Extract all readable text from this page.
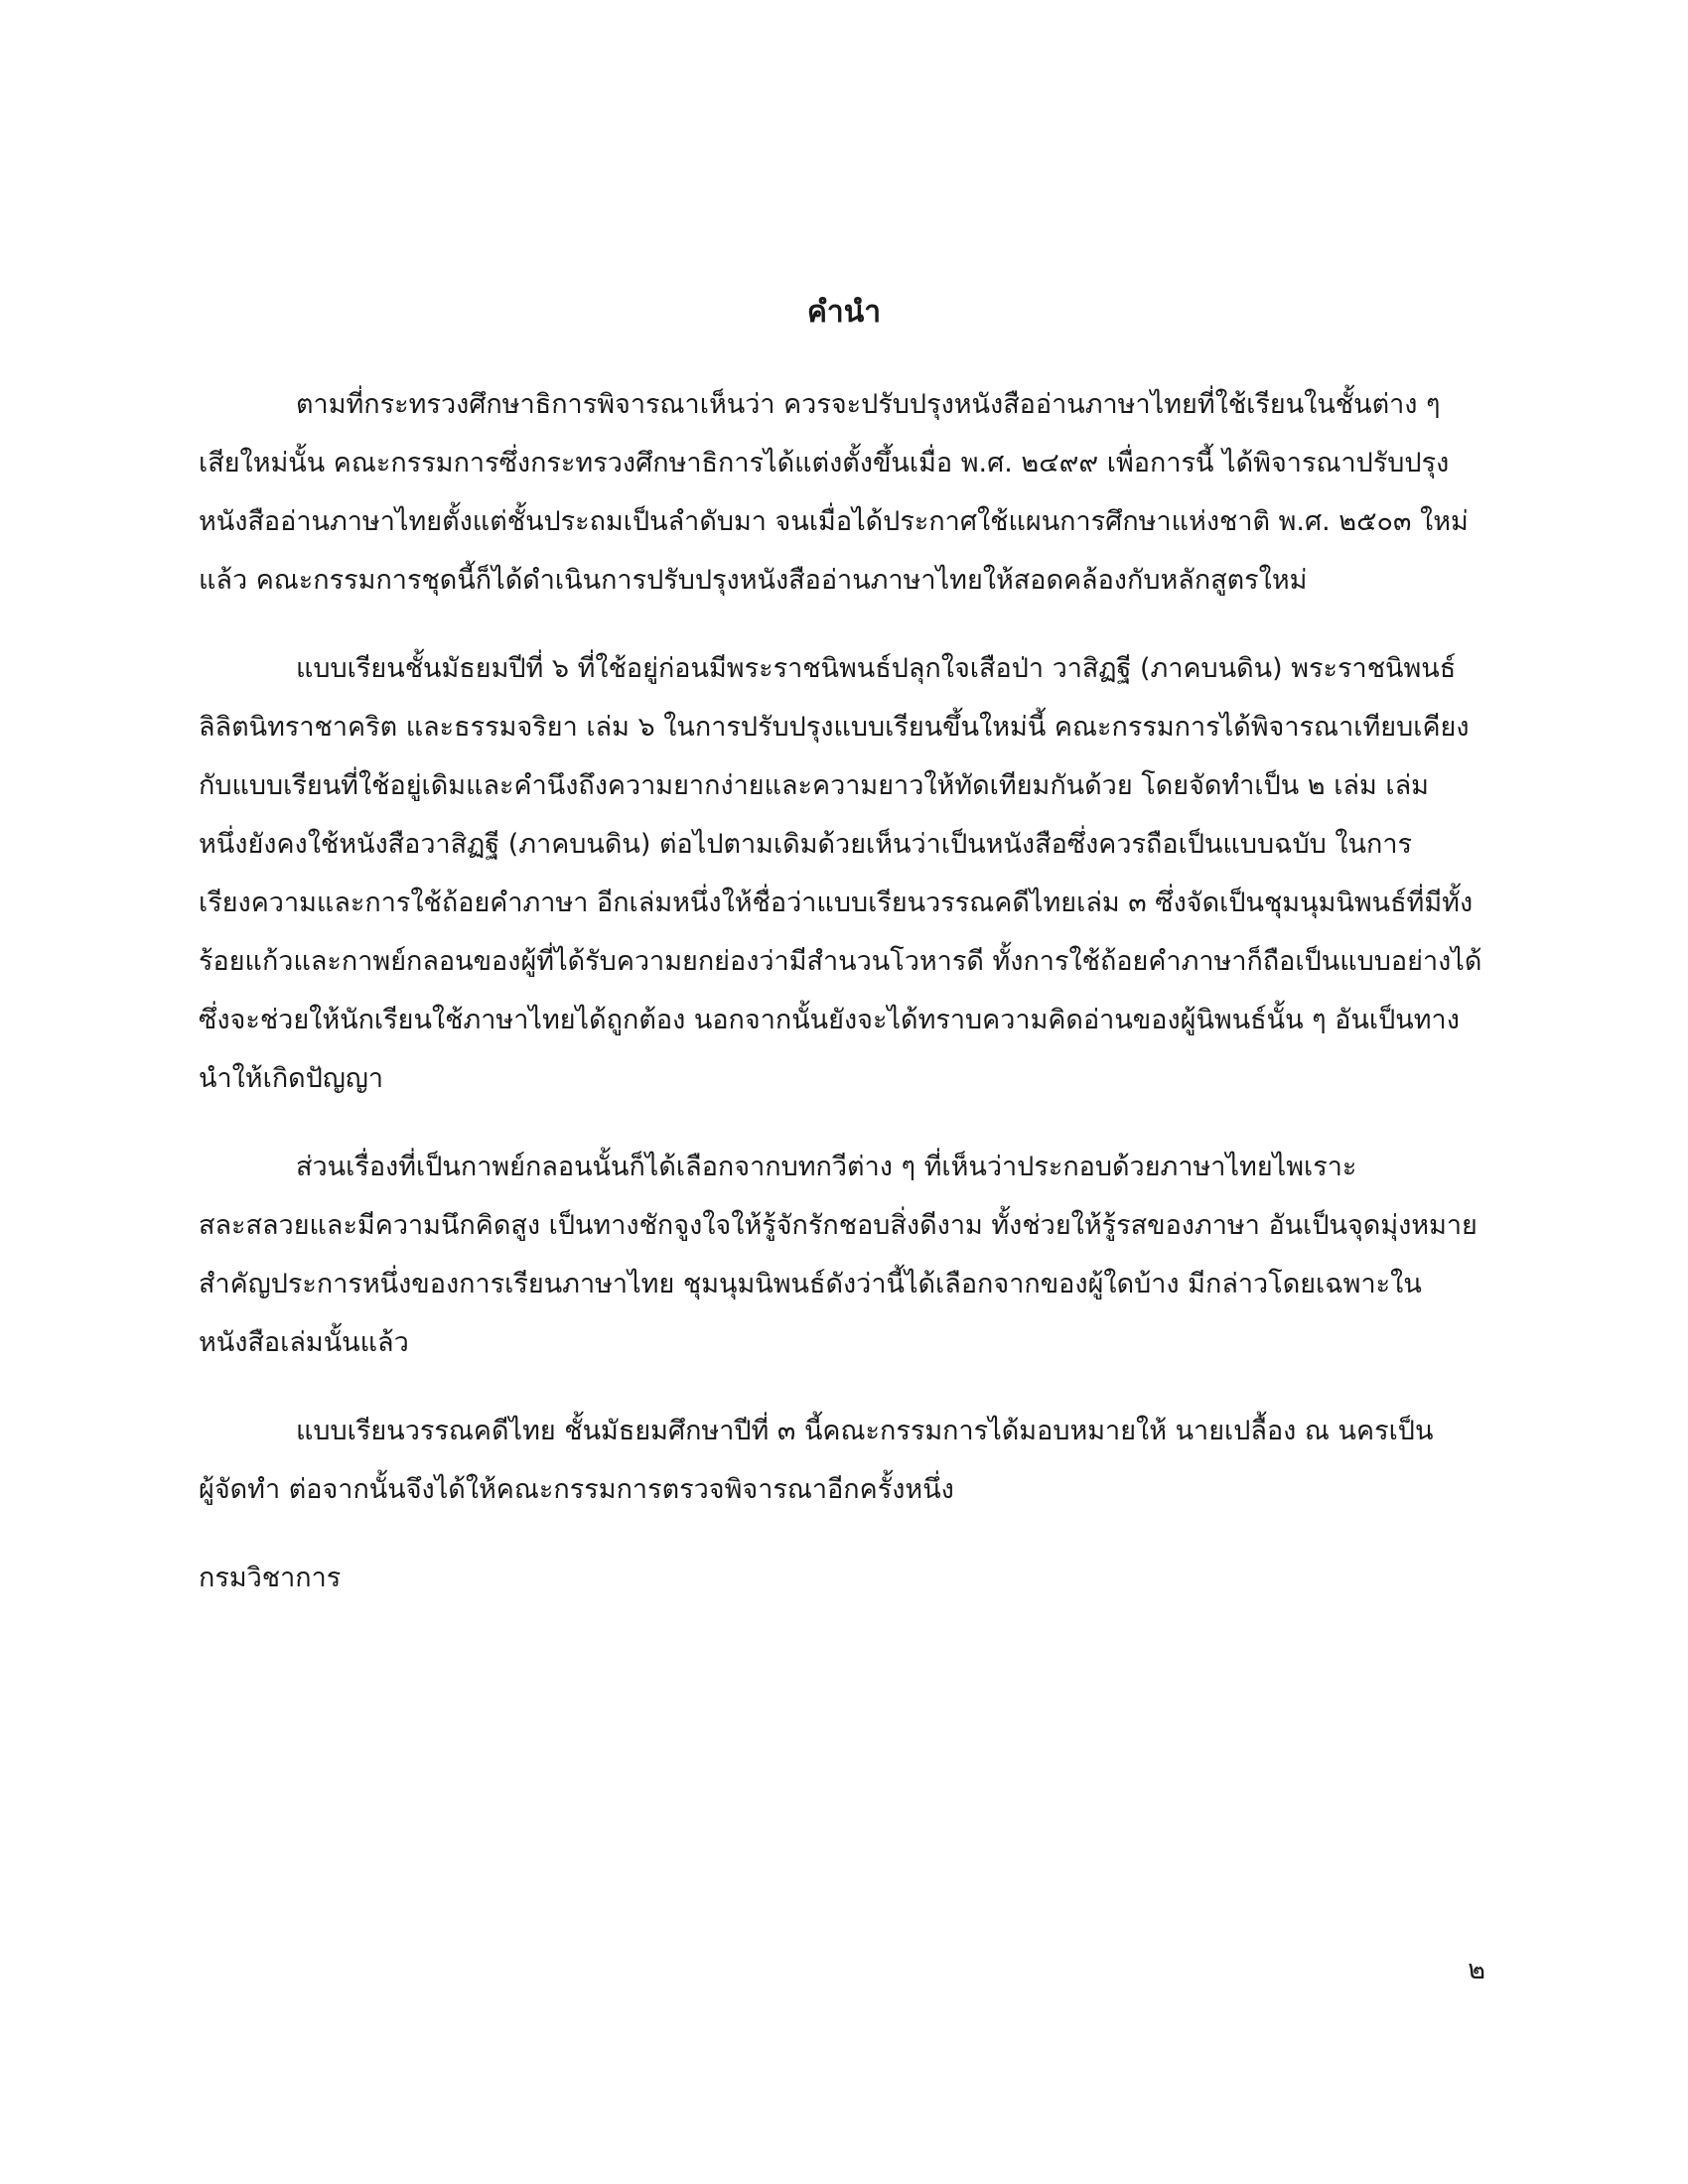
คำนำ
ตามที่กระทรวงศึกษาธิการพิจารณาเห็นว่า ควรจะปรับปรุงหนังสืออ่านภาษาไทยที่ใช้เรียนในชั้นต่าง ๆ
เสียใหม่นั้น คณะกรรมการซึ่งกระทรวงศึกษาธิการได้แต่งตั้งขึ้นเมื่อ พ.ศ. ๒๔๙๙ เพื่อการนี้ ได้พิจารณาปรับปรุง
หนังสืออ่านภาษาไทยตั้งแต่ชั้นประถมเป็นลำดับมา จนเมื่อได้ประกาศใช้แผนการศึกษาแห่งชาติ พ.ศ. ๒๕๐๓ ใหม่
แล้ว คณะกรรมการชุดนี้ก็ได้ดำเนินการปรับปรุงหนังสืออ่านภาษาไทยให้สอดคล้องกับหลักสูตรใหม่
แบบเรียนชั้นมัธยมปีที่ ๖ ที่ใช้อยู่ก่อนมีพระราชนิพนธ์ปลุกใจเสือป่า วาสิฏฐี (ภาคบนดิน) พระราชนิพนธ์
ลิลิตนิทราชาคริต และธรรมจริยา เล่ม ๖ ในการปรับปรุงแบบเรียนขึ้นใหม่นี้ คณะกรรมการได้พิจารณาเทียบเคียง
กับแบบเรียนที่ใช้อยู่เดิมและคำนึงถึงความยากง่ายและความยาวให้ทัดเทียมกันด้วย โดยจัดทำเป็น ๒ เล่ม เล่ม
หนึ่งยังคงใช้หนังสือวาสิฏฐี (ภาคบนดิน) ต่อไปตามเดิมด้วยเห็นว่าเป็นหนังสือซึ่งควรถือเป็นแบบฉบับ ในการ
เรียงความและการใช้ถ้อยคำภาษา อีกเล่มหนึ่งให้ชื่อว่าแบบเรียนวรรณคดีไทยเล่ม ๓ ซึ่งจัดเป็นชุมนุมนิพนธ์ที่มีทั้ง
ร้อยแก้วและกาพย์กลอนของผู้ที่ได้รับความยกย่องว่ามีสำนวนโวหารดี ทั้งการใช้ถ้อยคำภาษาก็ถือเป็นแบบอย่างได้
ซึ่งจะช่วยให้นักเรียนใช้ภาษาไทยได้ถูกต้อง นอกจากนั้นยังจะได้ทราบความคิดอ่านของผู้นิพนธ์นั้น ๆ อันเป็นทาง
นำให้เกิดปัญญา
ส่วนเรื่องที่เป็นกาพย์กลอนนั้นก็ได้เลือกจากบทกวีต่าง ๆ ที่เห็นว่าประกอบด้วยภาษาไทยไพเราะ
สละสลวยและมีความนึกคิดสูง เป็นทางชักจูงใจให้รู้จักรักชอบสิ่งดีงาม ทั้งช่วยให้รู้รสของภาษา อันเป็นจุดมุ่งหมาย
สำคัญประการหนึ่งของการเรียนภาษาไทย ชุมนุมนิพนธ์ดังว่านี้ได้เลือกจากของผู้ใดบ้าง มีกล่าวโดยเฉพาะใน
หนังสือเล่มนั้นแล้ว
แบบเรียนวรรณคดีไทย ชั้นมัธยมศึกษาปีที่ ๓ นี้คณะกรรมการได้มอบหมายให้ นายเปลื้อง ณ นครเป็น
ผู้จัดทำ ต่อจากนั้นจึงได้ให้คณะกรรมการตรวจพิจารณาอีกครั้งหนึ่ง
กรมวิชาการ
๒
